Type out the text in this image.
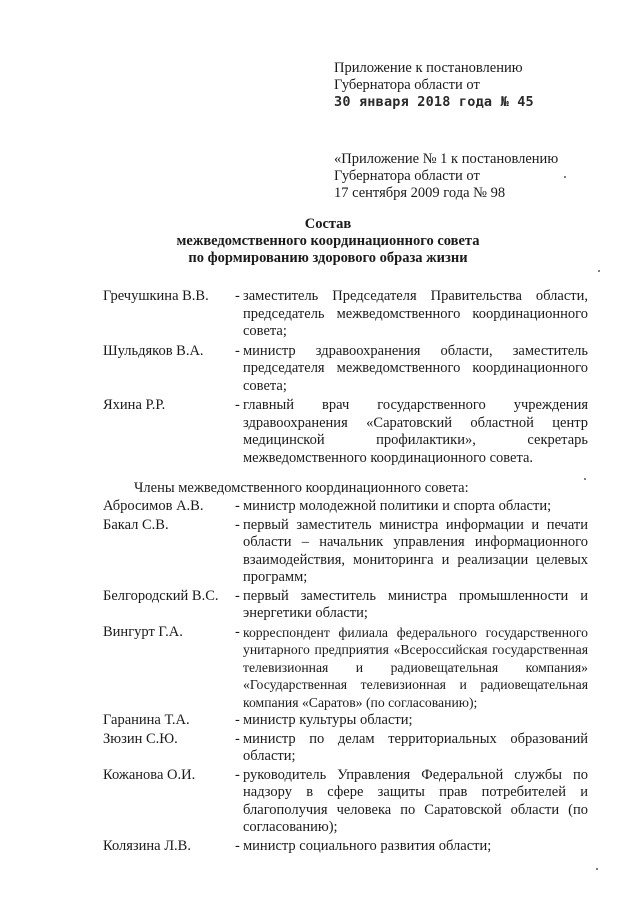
Приложение к постановлению
Губернатора области от
30 января 2018 года № 45
«Приложение № 1 к постановлению
Губернатора области от
17 сентября 2009 года № 98
Состав
межведомственного координационного совета
по формированию здорового образа жизни
Гречушкина В.В.	- заместитель Председателя Правительства области, председатель межведомственного координационного совета;
Шульдяков В.А.	- министр здравоохранения области, заместитель председателя межведомственного координационного совета;
Яхина Р.Р.	- главный врач государственного учреждения здравоохранения «Саратовский областной центр медицинской профилактики», секретарь межведомственного координационного совета.
Члены межведомственного координационного совета:
Абросимов А.В.	- министр молодежной политики и спорта области;
Бакал С.В.	- первый заместитель министра информации и печати области – начальник управления информационного взаимодействия, мониторинга и реализации целевых программ;
Белгородский В.С.	- первый заместитель министра промышленности и энергетики области;
Вингурт Г.А.	- корреспондент филиала федерального государственного унитарного предприятия «Всероссийская государственная телевизионная и радиовещательная компания» «Государственная телевизионная и радиовещательная компания «Саратов» (по согласованию);
Гаранина Т.А.	- министр культуры области;
Зюзин С.Ю.	- министр по делам территориальных образований области;
Кожанова О.И.	- руководитель Управления Федеральной службы по надзору в сфере защиты прав потребителей и благополучия человека по Саратовской области (по согласованию);
Колязина Л.В.	- министр социального развития области;
